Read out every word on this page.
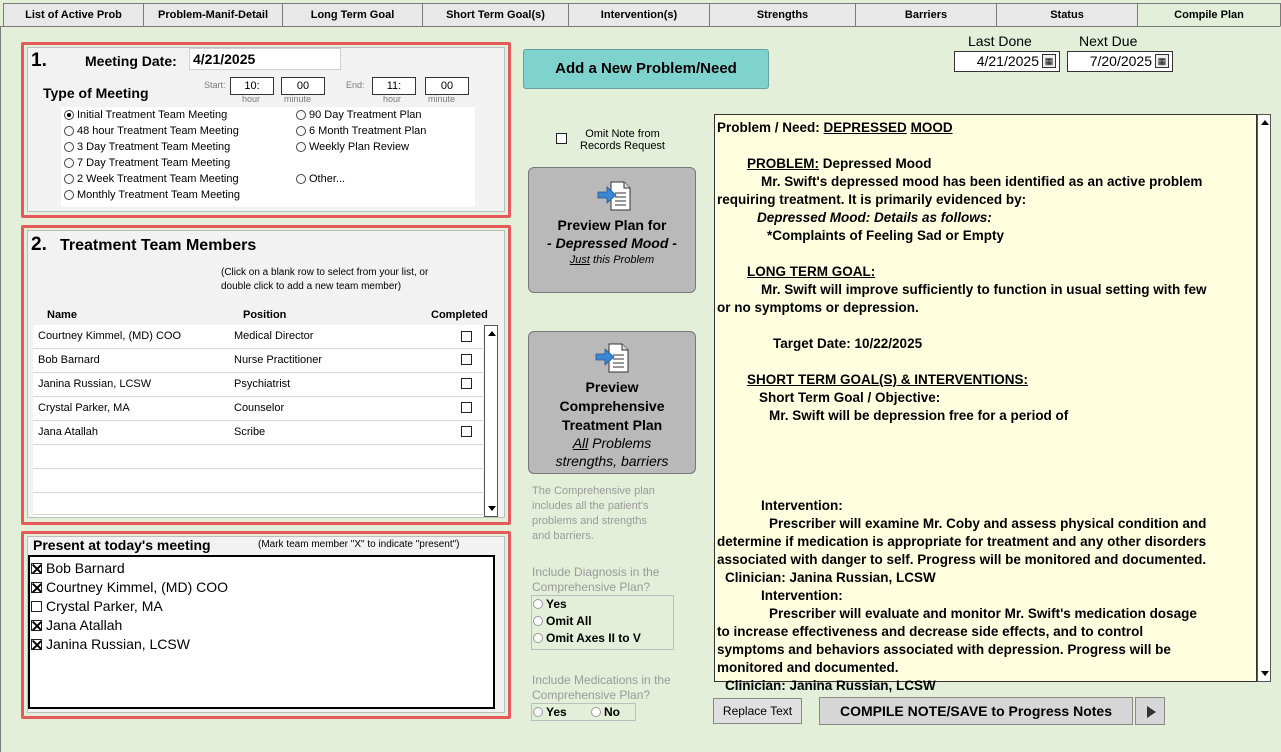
List of Active Prob	Problem-Manif-Detail	Long Term Goal	Short Term Goal(s)	Intervention(s)	Strengths	Barriers	Status	Compile Plan
1.	Meeting Date: 4/21/2025
Type of Meeting	Start:	10:	00
hour	minute
End:	11:	00
hour	minute
Initial Treatment Team Meeting
48 hour Treatment Team Meeting
3 Day Treatment Team Meeting
7 Day Treatment Team Meeting
2 Week Treatment Team Meeting
Monthly Treatment Team Meeting
90 Day Treatment Plan
6 Month Treatment Plan
Weekly Plan Review
Other...
2. Treatment Team Members
(Click on a blank row to select from your list, or
double click to add a new team member)
Name	Position	Completed
Courtney Kimmel, (MD) COO	Medical Director
Bob Barnard	Nurse Practitioner
Janina Russian, LCSW	Psychiatrist
Crystal Parker, MA	Counselor
Jana Atallah	Scribe
Present at today's meeting	(Mark team member "X" to indicate "present")
Bob Barnard
Courtney Kimmel, (MD) COO
Crystal Parker, MA
Jana Atallah
Janina Russian, LCSW
Add a New Problem/Need
Omit Note from
Records Request
Preview Plan for
- Depressed Mood -
Just this Problem
Preview
Comprehensive
Treatment Plan
All Problems
strengths, barriers
The Comprehensive plan
includes all the patient's
problems and strengths
and barriers.
Include Diagnosis in the
Comprehensive Plan?
Yes
Omit All
Omit Axes II to V
Include Medications in the
Comprehensive Plan?
Yes	No
Last Done	Next Due
4/21/2025 ▦	7/20/2025 ▦

Problem / Need: DEPRESSED MOOD

PROBLEM: Depressed Mood

Mr. Swift's depressed mood has been identified as an active problem

requiring treatment. It is primarily evidenced by:

Depressed Mood: Details as follows:

*Complaints of Feeling Sad or Empty

LONG TERM GOAL:

Mr. Swift will improve sufficiently to function in usual setting with few

or no symptoms or depression.

Target Date: 10/22/2025

SHORT TERM GOAL(S) & INTERVENTIONS:

Short Term Goal / Objective:

Mr. Swift will be depression free for a period of

Intervention:

Prescriber will examine Mr. Coby and assess physical condition and

determine if medication is appropriate for treatment and any other disorders

associated with danger to self. Progress will be monitored and documented.

Clinician: Janina Russian, LCSW

Intervention:

Prescriber will evaluate and monitor Mr. Swift's medication dosage

to increase effectiveness and decrease side effects, and to control

symptoms and behaviors associated with depression. Progress will be

monitored and documented.

Clinician: Janina Russian, LCSW

Replace Text	COMPILE NOTE/SAVE to Progress Notes
